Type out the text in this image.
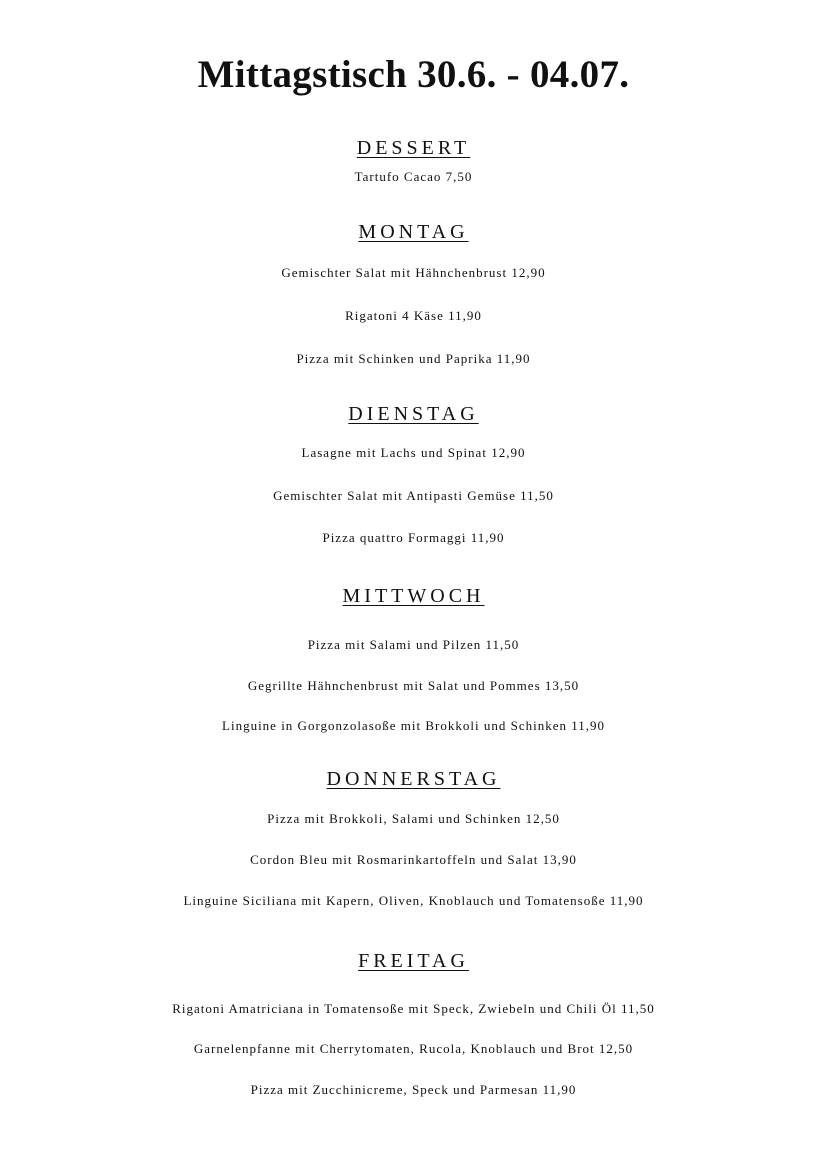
Mittagstisch 30.6. - 04.07.
DESSERT
Tartufo Cacao 7,50
MONTAG
Gemischter Salat mit Hähnchenbrust 12,90
Rigatoni 4 Käse 11,90
Pizza mit Schinken und Paprika 11,90
DIENSTAG
Lasagne mit Lachs und Spinat 12,90
Gemischter Salat mit Antipasti Gemüse 11,50
Pizza quattro Formaggi 11,90
MITTWOCH
Pizza mit Salami und Pilzen 11,50
Gegrillte Hähnchenbrust mit Salat und Pommes 13,50
Linguine in Gorgonzolasoße mit Brokkoli und Schinken 11,90
DONNERSTAG
Pizza mit Brokkoli, Salami und Schinken 12,50
Cordon Bleu mit Rosmarinkartoffeln und Salat 13,90
Linguine Siciliana mit Kapern, Oliven, Knoblauch und Tomatensoße 11,90
FREITAG
Rigatoni Amatriciana in Tomatensoße mit Speck, Zwiebeln und Chili Öl 11,50
Garnelenpfanne mit Cherrytomaten, Rucola, Knoblauch und Brot 12,50
Pizza mit Zucchinicreme, Speck und Parmesan 11,90
